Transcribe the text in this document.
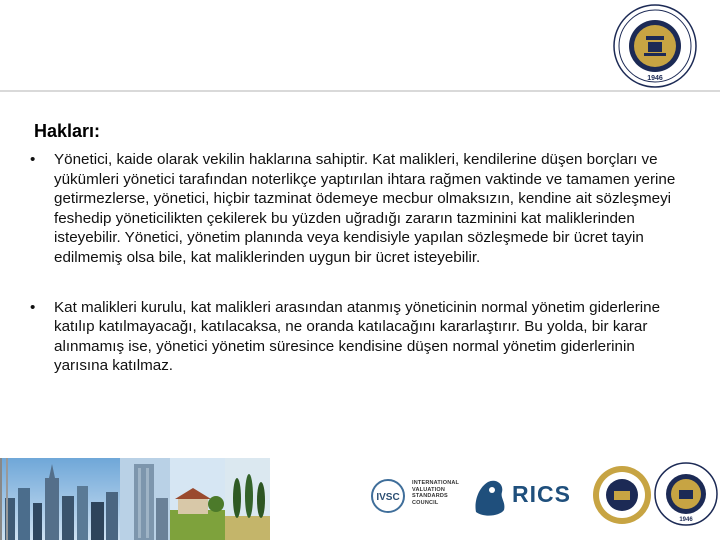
1946
Hakları:
• Yönetici, kaide olarak vekilin haklarına sahiptir. Kat malikleri, kendilerine düşen borçları ve yükümleri yönetici tarafından noterlikçe yaptırılan ihtara rağmen vaktinde ve tamamen yerine getirmezlerse, yönetici, hiçbir tazminat ödemeye mecbur olmaksızın, kendine ait sözleşmeyi feshedip yöneticilikten çekilerek bu yüzden uğradığı zararın tazminini kat maliklerinden isteyebilir. Yönetici, yönetim planında veya kendisiyle yapılan sözleşmede bir ücret tayin edilmemiş olsa bile, kat maliklerinden uygun bir ücret isteyebilir.
• Kat malikleri kurulu, kat malikleri arasından atanmış yöneticinin normal yönetim giderlerine katılıp katılmayacağı, katılacaksa, ne oranda katılacağını kararlaştırır. Bu yolda, bir karar alınmamış ise, yönetici yönetim süresince kendisine düşen normal yönetim giderlerinin yarısına katılmaz.
IVSC
INTERNATIONAL
VALUATION
STANDARDS
COUNCIL	RICS
1946
